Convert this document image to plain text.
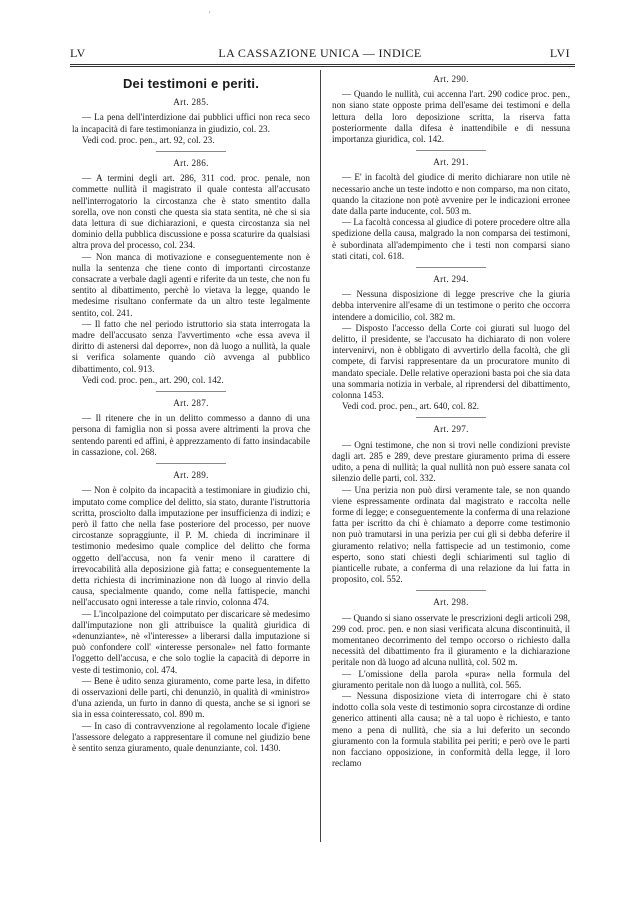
'
LV	LA CASSAZIONE UNICA — INDICE	LVI
Dei testimoni e periti.
Art. 285.

— La pena dell'interdizione dai pubblici uffici non reca seco la incapacità di fare testimonianza in giudizio, col. 23.

Vedi cod. proc. pen., art. 92, col. 23.

Art. 286.

— A termini degli art. 286, 311 cod. proc. penale, non commette nullità il magistrato il quale contesta all'accusato nell'interrogatorio la circostanza che è stato smentito dalla sorella, ove non consti che questa sia stata sentita, nè che si sia data lettura di sue dichiarazioni, e questa circostanza sia nel dominio della pubblica discussione e possa scaturire da qualsiasi altra prova del processo, col. 234.

— Non manca di motivazione e conseguentemente non è nulla la sentenza che tiene conto di importanti circostanze consacrate a verbale dagli agenti e riferite da un teste, che non fu sentito al dibattimento, perchè lo vietava la legge, quando le medesime risultano confermate da un altro teste legalmente sentito, col. 241.

— Il fatto che nel periodo istruttorio sia stata interrogata la madre dell'accusato senza l'avvertimento «che essa aveva il diritto di astenersi dal deporre», non dà luogo a nullità, la quale si verifica solamente quando ciò avvenga al pubblico dibattimento, col. 913.

Vedi cod. proc. pen., art. 290, col. 142.

Art. 287.

— Il ritenere che in un delitto commesso a danno di una persona di famiglia non si possa avere altrimenti la prova che sentendo parenti ed affini, è apprezzamento di fatto insindacabile in cassazione, col. 268.

Art. 289.

— Non è colpito da incapacità a testimoniare in giudizio chi, imputato come complice del delitto, sia stato, durante l'istruttoria scritta, prosciolto dalla imputazione per insufficienza di indizi; e però il fatto che nella fase posteriore del processo, per nuove circostanze sopraggiunte, il P. M. chieda di incriminare il testimonio medesimo quale complice del delitto che forma oggetto dell'accusa, non fa venir meno il carattere di irrevocabilità alla deposizione già fatta; e conseguentemente la detta richiesta di incriminazione non dà luogo al rinvio della causa, specialmente quando, come nella fattispecie, manchi nell'accusato ogni interesse a tale rinvio, colonna 474.

— L'incolpazione del coimputato per discaricare sè medesimo dall'imputazione non gli attribuisce la qualità giuridica di «denunziante», nè «l'interesse» a liberarsi dalla imputazione si può confondere coll' «interesse personale» nel fatto formante l'oggetto dell'accusa, e che solo toglie la capacità di deporre in veste di testimonio, col. 474.

— Bene è udito senza giuramento, come parte lesa, in difetto di osservazioni delle parti, chi denunziò, in qualità di «ministro» d'una azienda, un furto in danno di questa, anche se si ignori se sia in essa cointeressato, col. 890 m.

— In caso di contravvenzione al regolamento locale d'igiene l'assessore delegato a rappresentare il comune nel giudizio bene è sentito senza giuramento, quale denunziante, col. 1430.

Art. 290.

— Quando le nullità, cui accenna l'art. 290 codice proc. pen., non siano state opposte prima dell'esame dei testimoni e della lettura della loro deposizione scritta, la riserva fatta posteriormente dalla difesa è inattendibile e di nessuna importanza giuridica, col. 142.

Art. 291.

— E' in facoltà del giudice di merito dichiarare non utile nè necessario anche un teste indotto e non comparso, ma non citato, quando la citazione non potè avvenire per le indicazioni erronee date dalla parte inducente, col. 503 m.

— La facoltà concessa al giudice di potere procedere oltre alla spedizione della causa, malgrado la non comparsa dei testimoni, è subordinata all'adempimento che i testi non comparsi siano stati citati, col. 618.

Art. 294.

— Nessuna disposizione di legge prescrive che la giuria debba intervenire all'esame di un testimone o perito che occorra intendere a domicilio, col. 382 m.

— Disposto l'accesso della Corte coi giurati sul luogo del delitto, il presidente, se l'accusato ha dichiarato di non volere intervenirvi, non è obbligato di avvertirlo della facoltà, che gli compete, di farvisi rappresentare da un procuratore munito di mandato speciale. Delle relative operazioni basta poi che sia data una sommaria notizia in verbale, al riprendersi del dibattimento, colonna 1453.

Vedi cod. proc. pen., art. 640, col. 82.

Art. 297.

— Ogni testimone, che non si trovi nelle condizioni previste dagli art. 285 e 289, deve prestare giuramento prima di essere udito, a pena di nullità; la qual nullità non può essere sanata col silenzio delle parti, col. 332.

— Una perizia non può dirsi veramente tale, se non quando viene espressamente ordinata dal magistrato e raccolta nelle forme di legge; e conseguentemente la conferma di una relazione fatta per iscritto da chi è chiamato a deporre come testimonio non può tramutarsi in una perizia per cui gli si debba deferire il giuramento relativo; nella fattispecie ad un testimonio, come esperto, sono stati chiesti degli schiarimenti sul taglio di pianticelle rubate, a conferma di una relazione da lui fatta in proposito, col. 552.

Art. 298.

— Quando si siano osservate le prescrizioni degli articoli 298, 299 cod. proc. pen. e non siasi verificata alcuna discontinuità, il momentaneo decorrimento del tempo occorso o richiesto dalla necessità del dibattimento fra il giuramento e la dichiarazione peritale non dà luogo ad alcuna nullità, col. 502 m.

— L'omissione della parola «pura» nella formula del giuramento peritale non dà luogo a nullità, col. 565.

— Nessuna disposizione vieta di interrogare chi è stato indotto colla sola veste di testimonio sopra circostanze di ordine generico attinenti alla causa; nè a tal uopo è richiesto, e tanto meno a pena di nullità, che sia a lui deferito un secondo giuramento con la formula stabilita pei periti; e però ove le parti non facciano opposizione, in conformità della legge, il loro reclamo
